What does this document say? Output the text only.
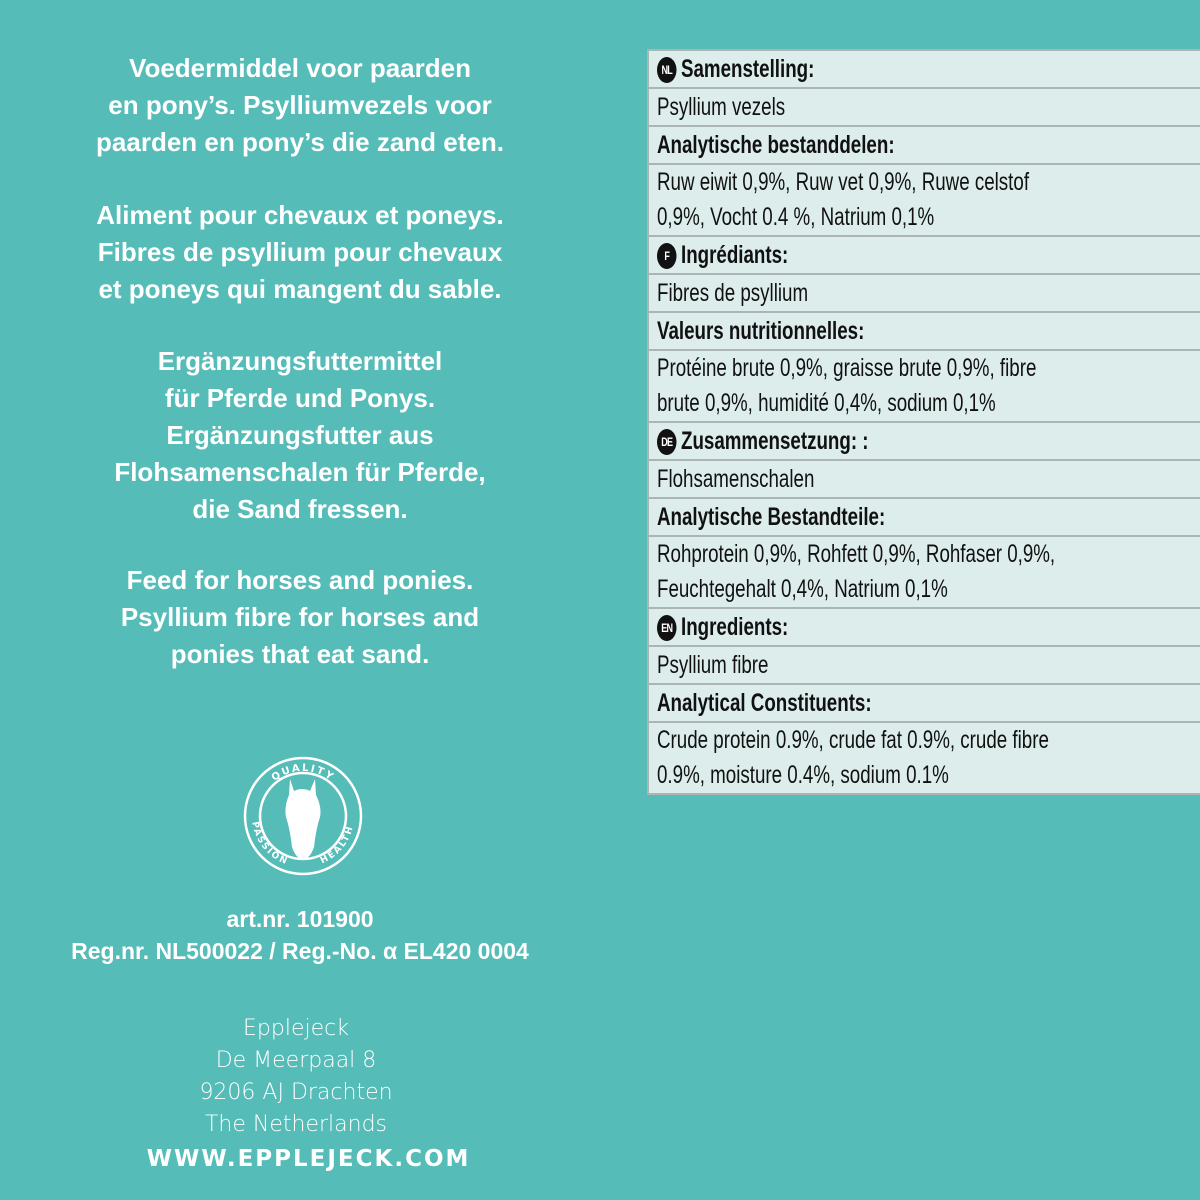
Voedermiddel voor paarden
en pony’s. Psylliumvezels voor
paarden en pony’s die zand eten.
Aliment pour chevaux et poneys.
Fibres de psyllium pour chevaux
et poneys qui mangent du sable.
Ergänzungsfuttermittel
für Pferde und Ponys.
Ergänzungsfutter aus
Flohsamenschalen für Pferde,
die Sand fressen.
Feed for horses and ponies.
Psyllium fibre for horses and
ponies that eat sand.
QUALITY
PASSION	HEALTH
art.nr. 101900
Reg.nr. NL500022 / Reg.-No. α EL420 0004
Epplejeck
De Meerpaal 8
9206 AJ Drachten
The Netherlands
WWW.EPPLEJECK.COM
NL Samenstelling:
Psyllium vezels
Analytische bestanddelen:
Ruw eiwit 0,9%, Ruw vet 0,9%, Ruwe celstof 0,9%, Vocht 0.4 %, Natrium 0,1%
F Ingrédiants:
Fibres de psyllium
Valeurs nutritionnelles:
Protéine brute 0,9%, graisse brute 0,9%, fibre brute 0,9%, humidité 0,4%, sodium 0,1%
DE Zusammensetzung: :
Flohsamenschalen
Analytische Bestandteile:
Rohprotein 0,9%, Rohfett 0,9%, Rohfaser 0,9%, Feuchtegehalt 0,4%, Natrium 0,1%
EN Ingredients:
Psyllium fibre
Analytical Constituents:
Crude protein 0.9%, crude fat 0.9%, crude fibre 0.9%, moisture 0.4%, sodium 0.1%
